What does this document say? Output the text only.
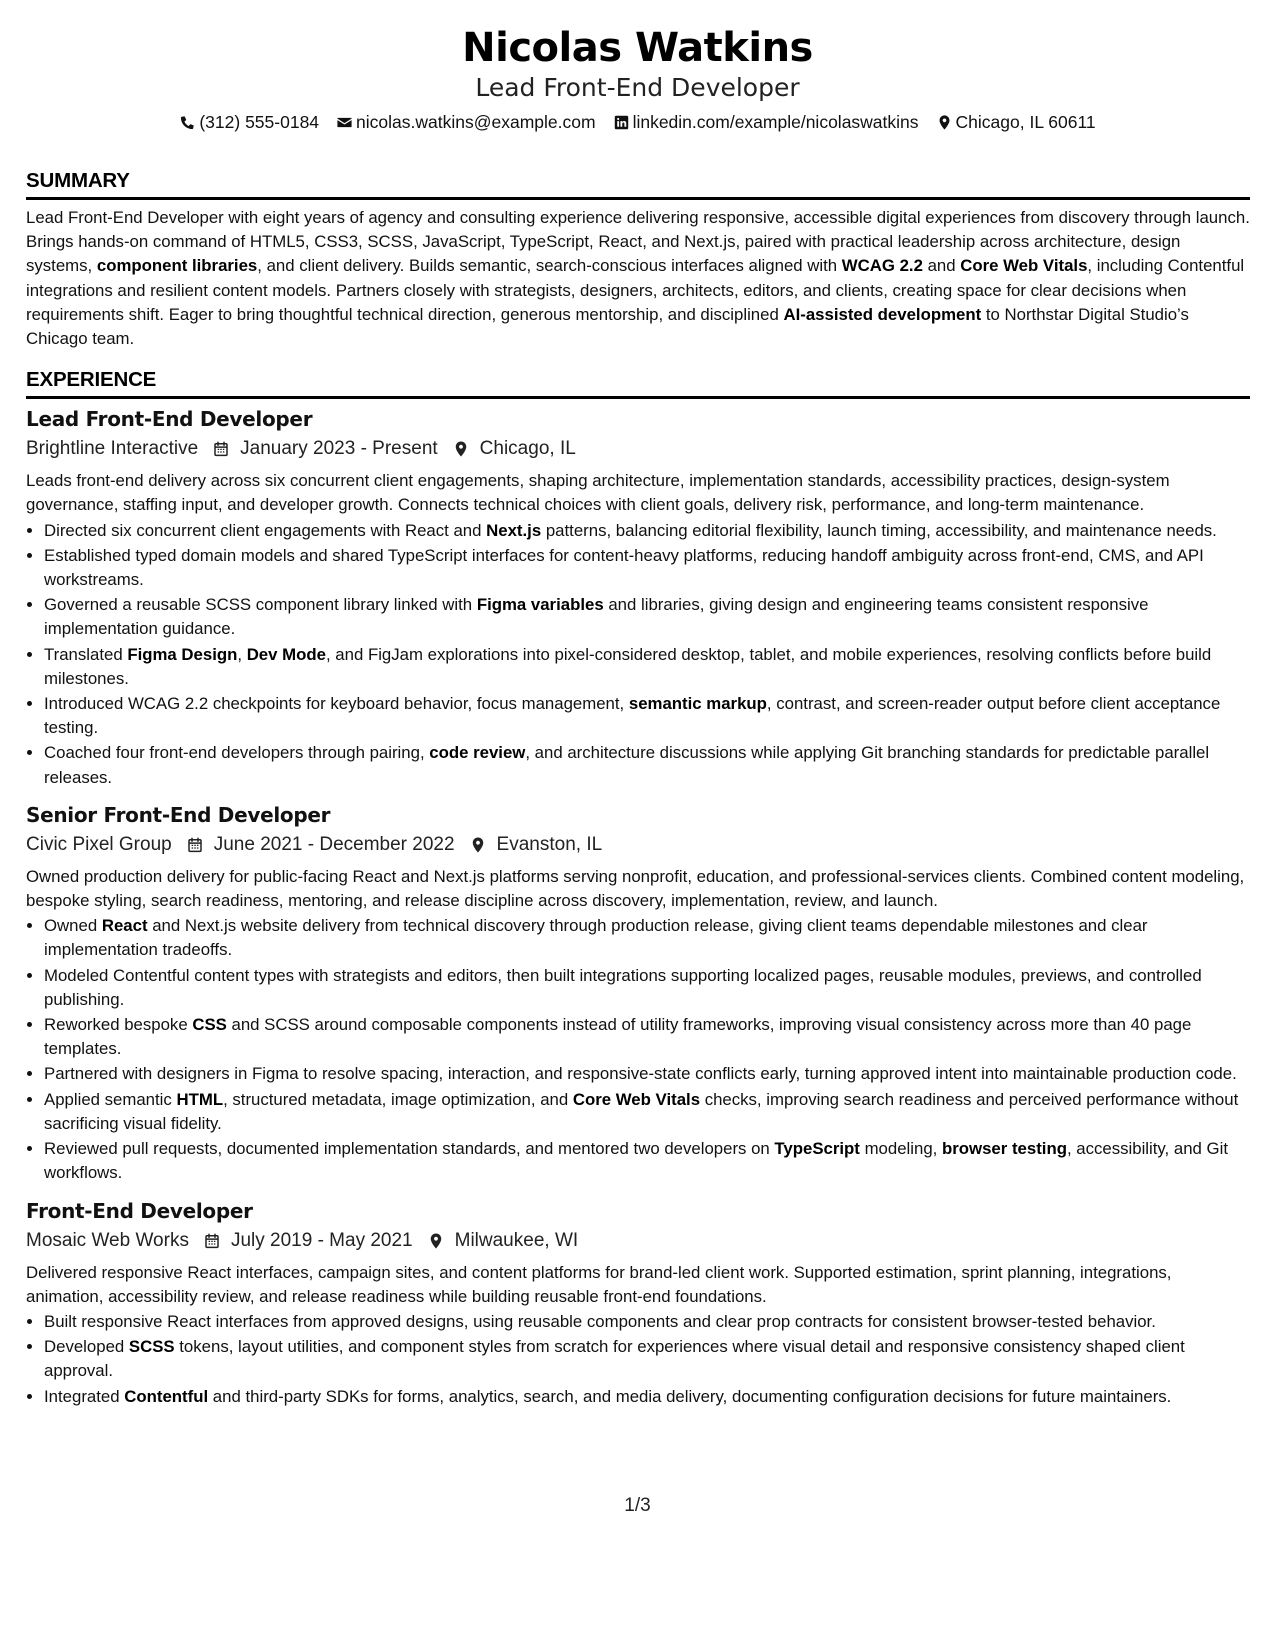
Nicolas Watkins
Lead Front-End Developer
(312) 555-0184 nicolas.watkins@example.com linkedin.com/example/nicolaswatkins Chicago, IL 60611
SUMMARY
Lead Front-End Developer with eight years of agency and consulting experience delivering responsive, accessible digital experiences from discovery through launch. Brings hands-on command of HTML5, CSS3, SCSS, JavaScript, TypeScript, React, and Next.js, paired with practical leadership across architecture, design systems, component libraries, and client delivery. Builds semantic, search-conscious interfaces aligned with WCAG 2.2 and Core Web Vitals, including Contentful integrations and resilient content models. Partners closely with strategists, designers, architects, editors, and clients, creating space for clear decisions when requirements shift. Eager to bring thoughtful technical direction, generous mentorship, and disciplined AI-assisted development to Northstar Digital Studio’s Chicago team.
EXPERIENCE
Lead Front-End Developer
Brightline Interactive January 2023 - Present Chicago, IL
Leads front-end delivery across six concurrent client engagements, shaping architecture, implementation standards, accessibility practices, design-system governance, staffing input, and developer growth. Connects technical choices with client goals, delivery risk, performance, and long-term maintenance.
• Directed six concurrent client engagements with React and Next.js patterns, balancing editorial flexibility, launch timing, accessibility, and maintenance needs.
• Established typed domain models and shared TypeScript interfaces for content-heavy platforms, reducing handoff ambiguity across front-end, CMS, and API workstreams.
• Governed a reusable SCSS component library linked with Figma variables and libraries, giving design and engineering teams consistent responsive implementation guidance.
• Translated Figma Design, Dev Mode, and FigJam explorations into pixel-considered desktop, tablet, and mobile experiences, resolving conflicts before build milestones.
• Introduced WCAG 2.2 checkpoints for keyboard behavior, focus management, semantic markup, contrast, and screen-reader output before client acceptance testing.
• Coached four front-end developers through pairing, code review, and architecture discussions while applying Git branching standards for predictable parallel releases.
Senior Front-End Developer
Civic Pixel Group June 2021 - December 2022 Evanston, IL
Owned production delivery for public-facing React and Next.js platforms serving nonprofit, education, and professional-services clients. Combined content modeling, bespoke styling, search readiness, mentoring, and release discipline across discovery, implementation, review, and launch.
• Owned React and Next.js website delivery from technical discovery through production release, giving client teams dependable milestones and clear implementation tradeoffs.
• Modeled Contentful content types with strategists and editors, then built integrations supporting localized pages, reusable modules, previews, and controlled publishing.
• Reworked bespoke CSS and SCSS around composable components instead of utility frameworks, improving visual consistency across more than 40 page templates.
• Partnered with designers in Figma to resolve spacing, interaction, and responsive-state conflicts early, turning approved intent into maintainable production code.
• Applied semantic HTML, structured metadata, image optimization, and Core Web Vitals checks, improving search readiness and perceived performance without sacrificing visual fidelity.
• Reviewed pull requests, documented implementation standards, and mentored two developers on TypeScript modeling, browser testing, accessibility, and Git workflows.
Front-End Developer
Mosaic Web Works July 2019 - May 2021 Milwaukee, WI
Delivered responsive React interfaces, campaign sites, and content platforms for brand-led client work. Supported estimation, sprint planning, integrations, animation, accessibility review, and release readiness while building reusable front-end foundations.
• Built responsive React interfaces from approved designs, using reusable components and clear prop contracts for consistent browser-tested behavior.
• Developed SCSS tokens, layout utilities, and component styles from scratch for experiences where visual detail and responsive consistency shaped client approval.
• Integrated Contentful and third-party SDKs for forms, analytics, search, and media delivery, documenting configuration decisions for future maintainers.
1/3
